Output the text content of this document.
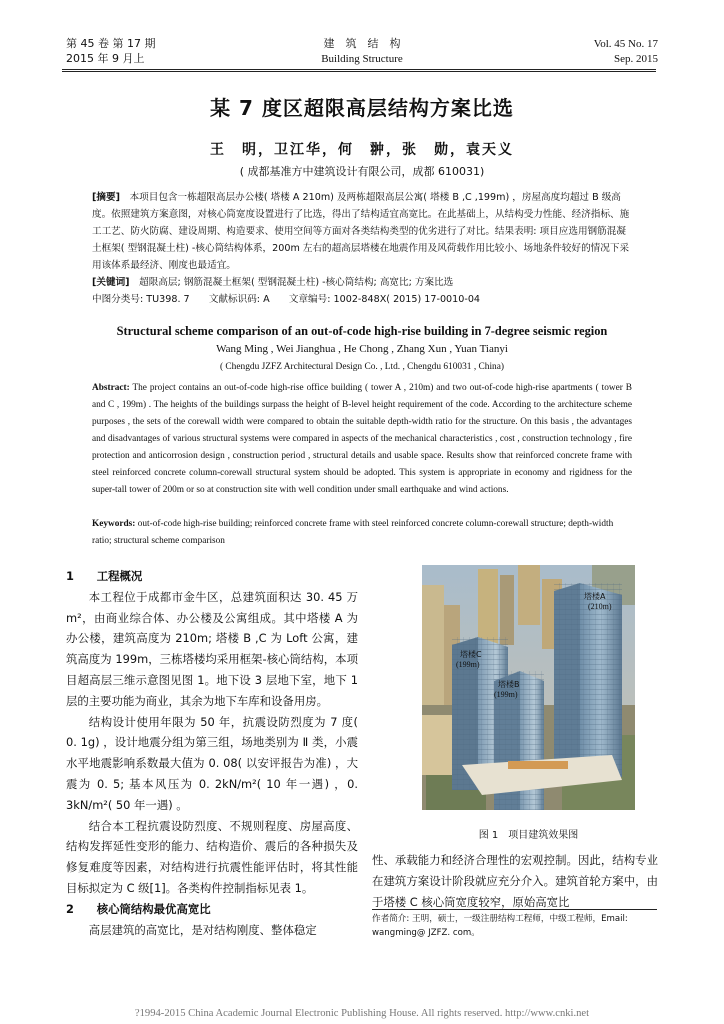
第 45 卷 第 17 期
2015 年 9 月上
建　筑　结　构
Building Structure
Vol. 45 No. 17
Sep. 2015
某 7 度区超限高层结构方案比选
王　明，卫江华，何　翀，张　勋，袁天义
( 成都基准方中建筑设计有限公司，成都 610031)

[摘要]　 本项目包含一栋超限高层办公楼( 塔楼 A 210m) 及两栋超限高层公寓( 塔楼 B ,C ,199m) ，房屋高度均超过 B 级高度。依照建筑方案意图，对核心筒宽度设置进行了比选，得出了结构适宜高宽比。在此基础上，从结构受力性能、经济指标、施工工艺、防火防腐、建设周期、构造要求、使用空间等方面对各类结构类型的优劣进行了对比。结果表明: 项目应选用钢筋混凝土框架( 型钢混凝土柱) -核心筒结构体系，200m 左右的超高层塔楼在地震作用及风荷载作用比较小、场地条件较好的情况下采用该体系最经济、刚度也最适宜。

[关键词]　 超限高层; 钢筋混凝土框架( 型钢混凝土柱) -核心筒结构; 高宽比; 方案比选

中图分类号: TU398. 7　　 文献标识码: A　　 文章编号: 1002-848X( 2015) 17-0010-04

Structural scheme comparison of an out-of-code high-rise building in 7-degree seismic region
Wang Ming , Wei Jianghua , He Chong , Zhang Xun , Yuan Tianyi
( Chengdu JZFZ Architectural Design Co. , Ltd. , Chengdu 610031 , China)

Abstract: The project contains an out-of-code high-rise office building ( tower A , 210m) and two out-of-code high-rise apartments ( tower B and C , 199m) . The heights of the buildings surpass the height of B-level height requirement of the code. According to the architecture scheme purposes , the sets of the corewall width were compared to obtain the suitable depth-width ratio for the structure. On this basis , the advantages and disadvantages of various structural systems were compared in aspects of the mechanical characteristics , cost , construction technology , fire protection and anticorrosion design , construction period , structural details and usable space. Results show that reinforced concrete frame with steel reinforced concrete column-corewall structural system should be adopted. This system is appropriate in economy and rigidness for the super-tall tower of 200m or so at construction site with well condition under small earthquake and wind actions.

Keywords: out-of-code high-rise building; reinforced concrete frame with steel reinforced concrete column-corewall structure; depth-width ratio; structural scheme comparison

1　　工程概况

本工程位于成都市金牛区，总建筑面积达 30. 45 万m²，由商业综合体、办公楼及公寓组成。其中塔楼 A 为办公楼，建筑高度为 210m; 塔楼 B ,C 为 Loft 公寓，建筑高度为 199m，三栋塔楼均采用框架-核心筒结构，本项目超高层三维示意图见图 1。地下设 3 层地下室，地下 1 层的主要功能为商业，其余为地下车库和设备用房。

结构设计使用年限为 50 年，抗震设防烈度为 7 度( 0. 1g) ，设计地震分组为第三组，场地类别为 Ⅱ 类，小震水平地震影响系数最大值为 0. 08( 以安评报告为准) ，大震为 0. 5; 基本风压为 0. 2kN/m²( 10 年一遇) ，0. 3kN/m²( 50 年一遇) 。

结合本工程抗震设防烈度、不规则程度、房屋高度、结构发挥延性变形的能力、结构造价、震后的各种损失及修复难度等因素，对结构进行抗震性能评估时，将其性能目标拟定为 C 级[1]。各类构件控制指标见表 1。

2　　核心筒结构最优高宽比

高层建筑的高宽比，是对结构刚度、整体稳定

塔楼A
(210m)
塔楼C
(199m)
塔楼B
(199m)
图 1　项目建筑效果图

性、承载能力和经济合理性的宏观控制。因此，结构专业在建筑方案设计阶段就应充分介入。建筑首轮方案中，由于塔楼 C 核心筒宽度较窄，原始高宽比

作者简介: 王明，硕士，一级注册结构工程师，中级工程师，Email: wangming@ JZFZ. com。
?1994-2015 China Academic Journal Electronic Publishing House. All rights reserved. http://www.cnki.net
